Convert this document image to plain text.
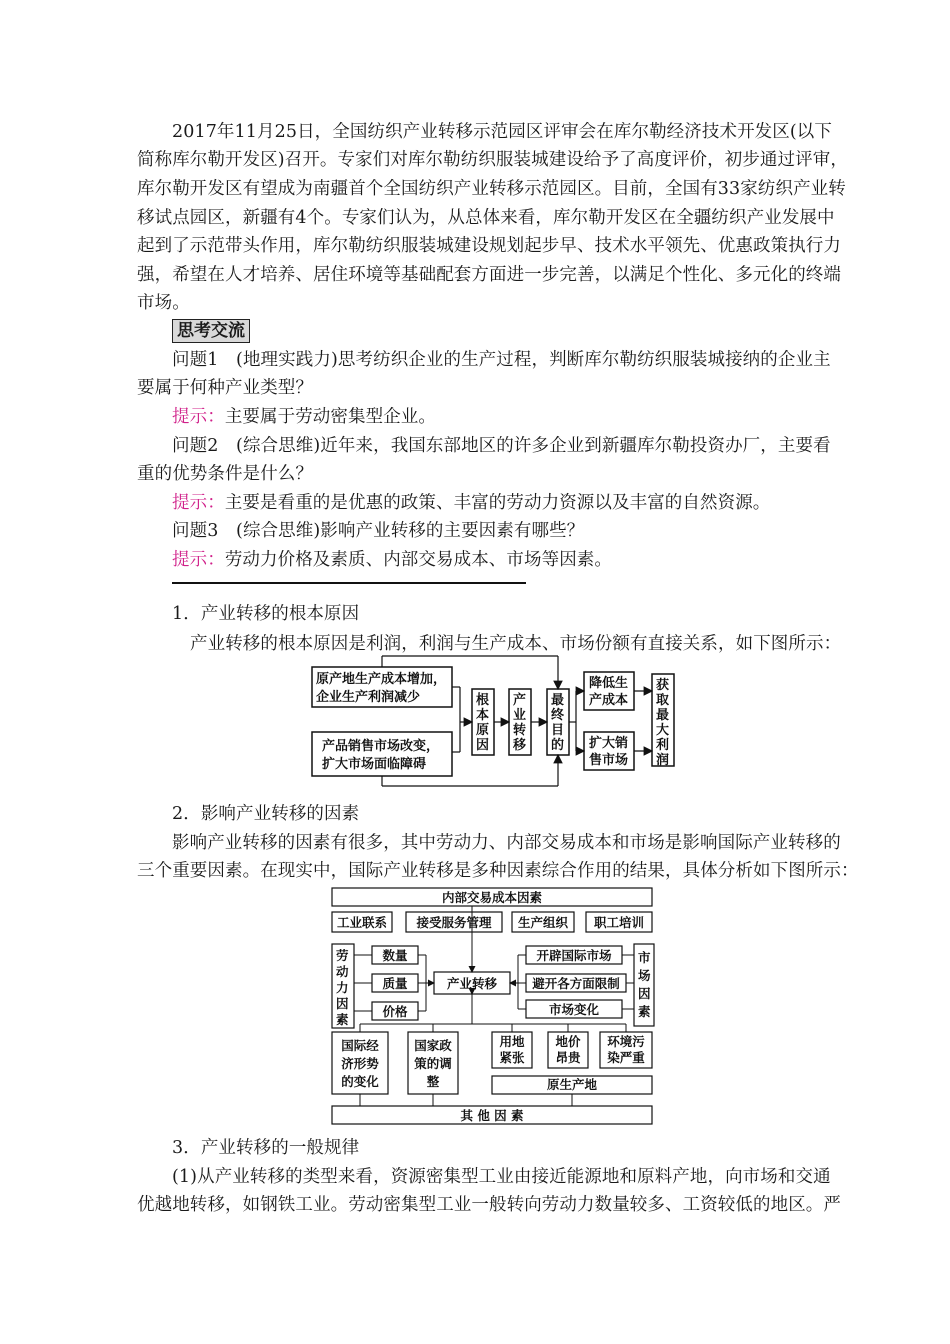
2017年11月25日，全国纺织产业转移示范园区评审会在库尔勒经济技术开发区(以下
简称库尔勒开发区)召开。专家们对库尔勒纺织服装城建设给予了高度评价，初步通过评审，
库尔勒开发区有望成为南疆首个全国纺织产业转移示范园区。目前，全国有33家纺织产业转
移试点园区，新疆有4个。专家们认为，从总体来看，库尔勒开发区在全疆纺织产业发展中
起到了示范带头作用，库尔勒纺织服装城建设规划起步早、技术水平领先、优惠政策执行力
强，希望在人才培养、居住环境等基础配套方面进一步完善，以满足个性化、多元化的终端
市场。
思考交流
问题1　(地理实践力)思考纺织企业的生产过程，判断库尔勒纺织服装城接纳的企业主
要属于何种产业类型？
提示：主要属于劳动密集型企业。
问题2　(综合思维)近年来，我国东部地区的许多企业到新疆库尔勒投资办厂，主要看
重的优势条件是什么？
提示：主要是看重的是优惠的政策、丰富的劳动力资源以及丰富的自然资源。
问题3　(综合思维)影响产业转移的主要因素有哪些？
提示：劳动力价格及素质、内部交易成本、市场等因素。
1．产业转移的根本原因
产业转移的根本原因是利润，利润与生产成本、市场份额有直接关系，如下图所示：
原产地生产成本增加，
企业生产利润减少
产品销售市场改变，
扩大市场面临障碍
根
本
原
因
产
业
转
移
最
终
目
的
降低生
产成本
扩大销
售市场
获
取
最
大
利
润
2．影响产业转移的因素
影响产业转移的因素有很多，其中劳动力、内部交易成本和市场是影响国际产业转移的
三个重要因素。在现实中，国际产业转移是多种因素综合作用的结果，具体分析如下图所示：
内部交易成本因素
工业联系 接受服务管理 生产组织 职工培训
劳
动
力
因
素
数量
质量
价格
产业转移
开辟国际市场
避开各方面限制
市场变化
市
场
因
素
国际经
济形势
的变化
国家政
策的调
整
用地
紧张
地价
昂贵
环境污
染严重
原生产地
其 他 因 素
3．产业转移的一般规律
(1)从产业转移的类型来看，资源密集型工业由接近能源地和原料产地，向市场和交通
优越地转移，如钢铁工业。劳动密集型工业一般转向劳动力数量较多、工资较低的地区。严
